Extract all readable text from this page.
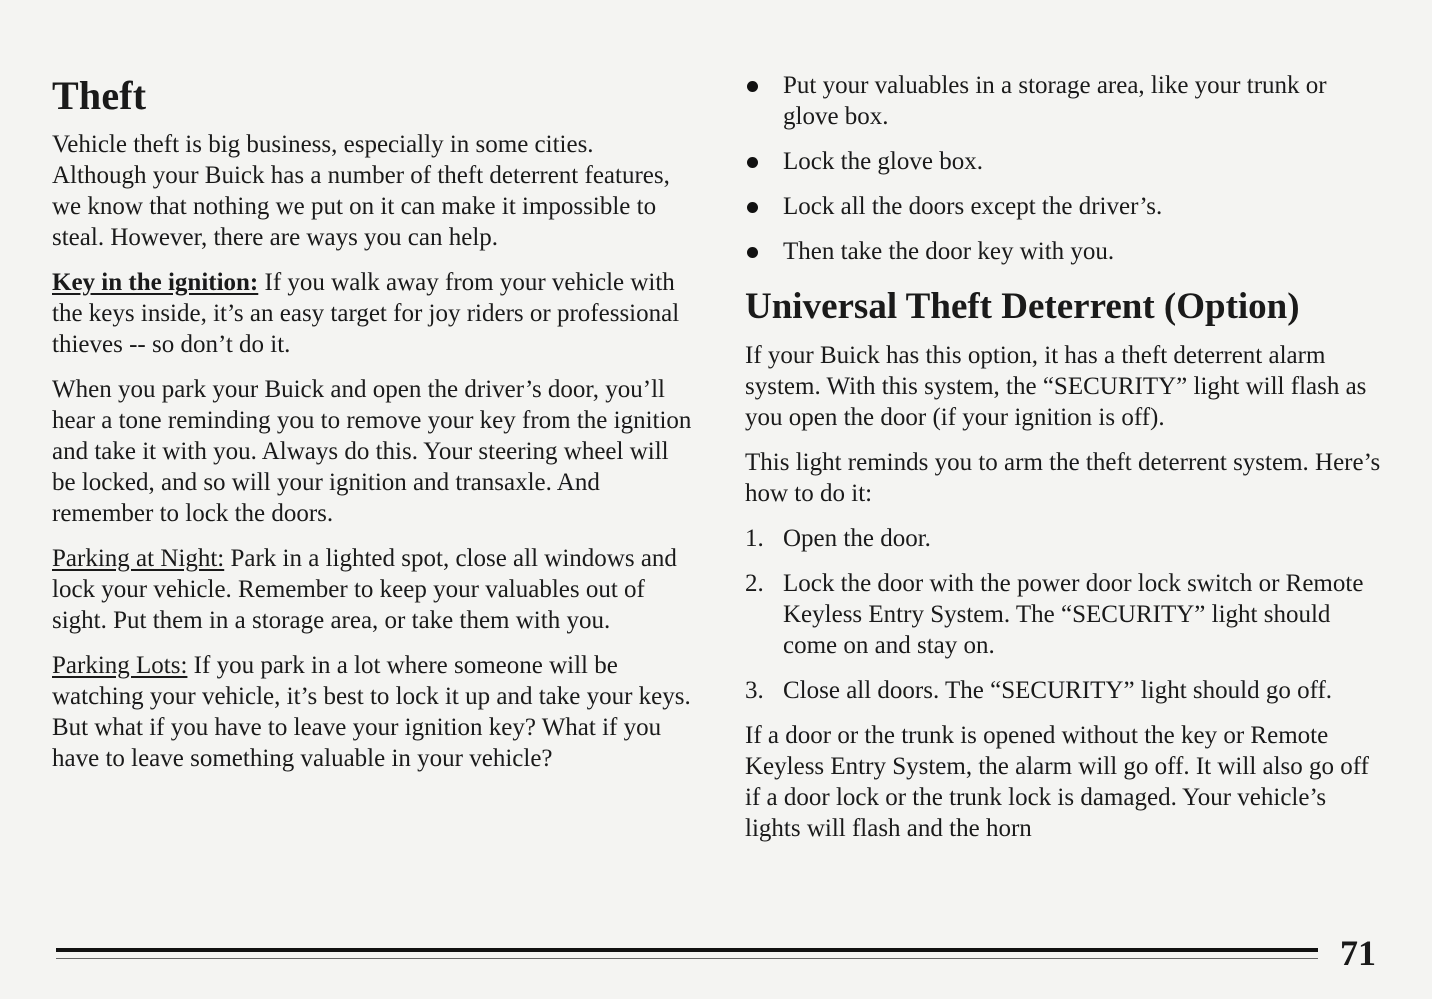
Theft

Vehicle theft is big business, especially in some cities. Although your Buick has a number of theft deterrent features, we know that nothing we put on it can make it impossible to steal. However, there are ways you can help.

Key in the ignition: If you walk away from your vehicle with the keys inside, it’s an easy target for joy riders or professional thieves -- so don’t do it.

When you park your Buick and open the driver’s door, you’ll hear a tone reminding you to remove your key from the ignition and take it with you. Always do this. Your steering wheel will be locked, and so will your ignition and transaxle. And remember to lock the doors.

Parking at Night: Park in a lighted spot, close all windows and lock your vehicle. Remember to keep your valuables out of sight. Put them in a storage area, or take them with you.

Parking Lots: If you park in a lot where someone will be watching your vehicle, it’s best to lock it up and take your keys. But what if you have to leave your ignition key? What if you have to leave something valuable in your vehicle?

Put your valuables in a storage area, like your trunk or glove box.
Lock the glove box.
Lock all the doors except the driver’s.
Then take the door key with you.
Universal Theft Deterrent (Option)

If your Buick has this option, it has a theft deterrent alarm system. With this system, the “SECURITY” light will flash as you open the door (if your ignition is off).

This light reminds you to arm the theft deterrent system. Here’s how to do it:

1. Open the door.
2. Lock the door with the power door lock switch or Remote Keyless Entry System. The “SECURITY” light should come on and stay on.
3. Close all doors. The “SECURITY” light should go off.

If a door or the trunk is opened without the key or Remote Keyless Entry System, the alarm will go off. It will also go off if a door lock or the trunk lock is damaged. Your vehicle’s lights will flash and the horn

71
